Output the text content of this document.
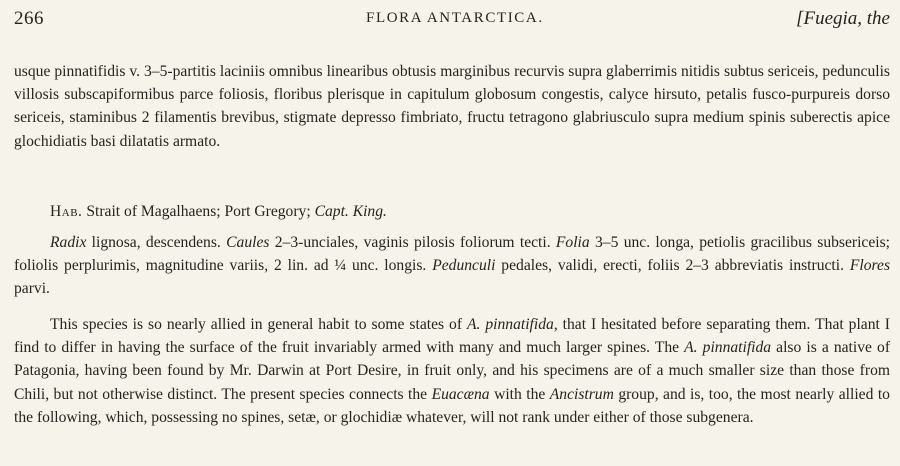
266	FLORA ANTARCTICA.	[Fuegia, the

usque pinnatifidis v. 3–5-partitis laciniis omnibus linearibus obtusis marginibus recurvis supra glaberrimis nitidis subtus sericeis, pedunculis villosis subscapiformibus parce foliosis, floribus plerisque in capitulum globosum congestis, calyce hirsuto, petalis fusco-purpureis dorso sericeis, staminibus 2 filamentis brevibus, stigmate depresso fimbriato, fructu tetragono glabriusculo supra medium spinis suberectis apice glochidiatis basi dilatatis armato.

Hab. Strait of Magalhaens; Port Gregory; Capt. King.

Radix lignosa, descendens. Caules 2–3-unciales, vaginis pilosis foliorum tecti. Folia 3–5 unc. longa, petiolis gracilibus subsericeis; foliolis perplurimis, magnitudine variis, 2 lin. ad ¼ unc. longis. Pedunculi pedales, validi, erecti, foliis 2–3 abbreviatis instructi. Flores parvi.

This species is so nearly allied in general habit to some states of A. pinnatifida, that I hesitated before separating them. That plant I find to differ in having the surface of the fruit invariably armed with many and much larger spines. The A. pinnatifida also is a native of Patagonia, having been found by Mr. Darwin at Port Desire, in fruit only, and his specimens are of a much smaller size than those from Chili, but not otherwise distinct. The present species connects the Euacæna with the Ancistrum group, and is, too, the most nearly allied to the following, which, possessing no spines, setæ, or glochidiæ whatever, will not rank under either of those subgenera.
